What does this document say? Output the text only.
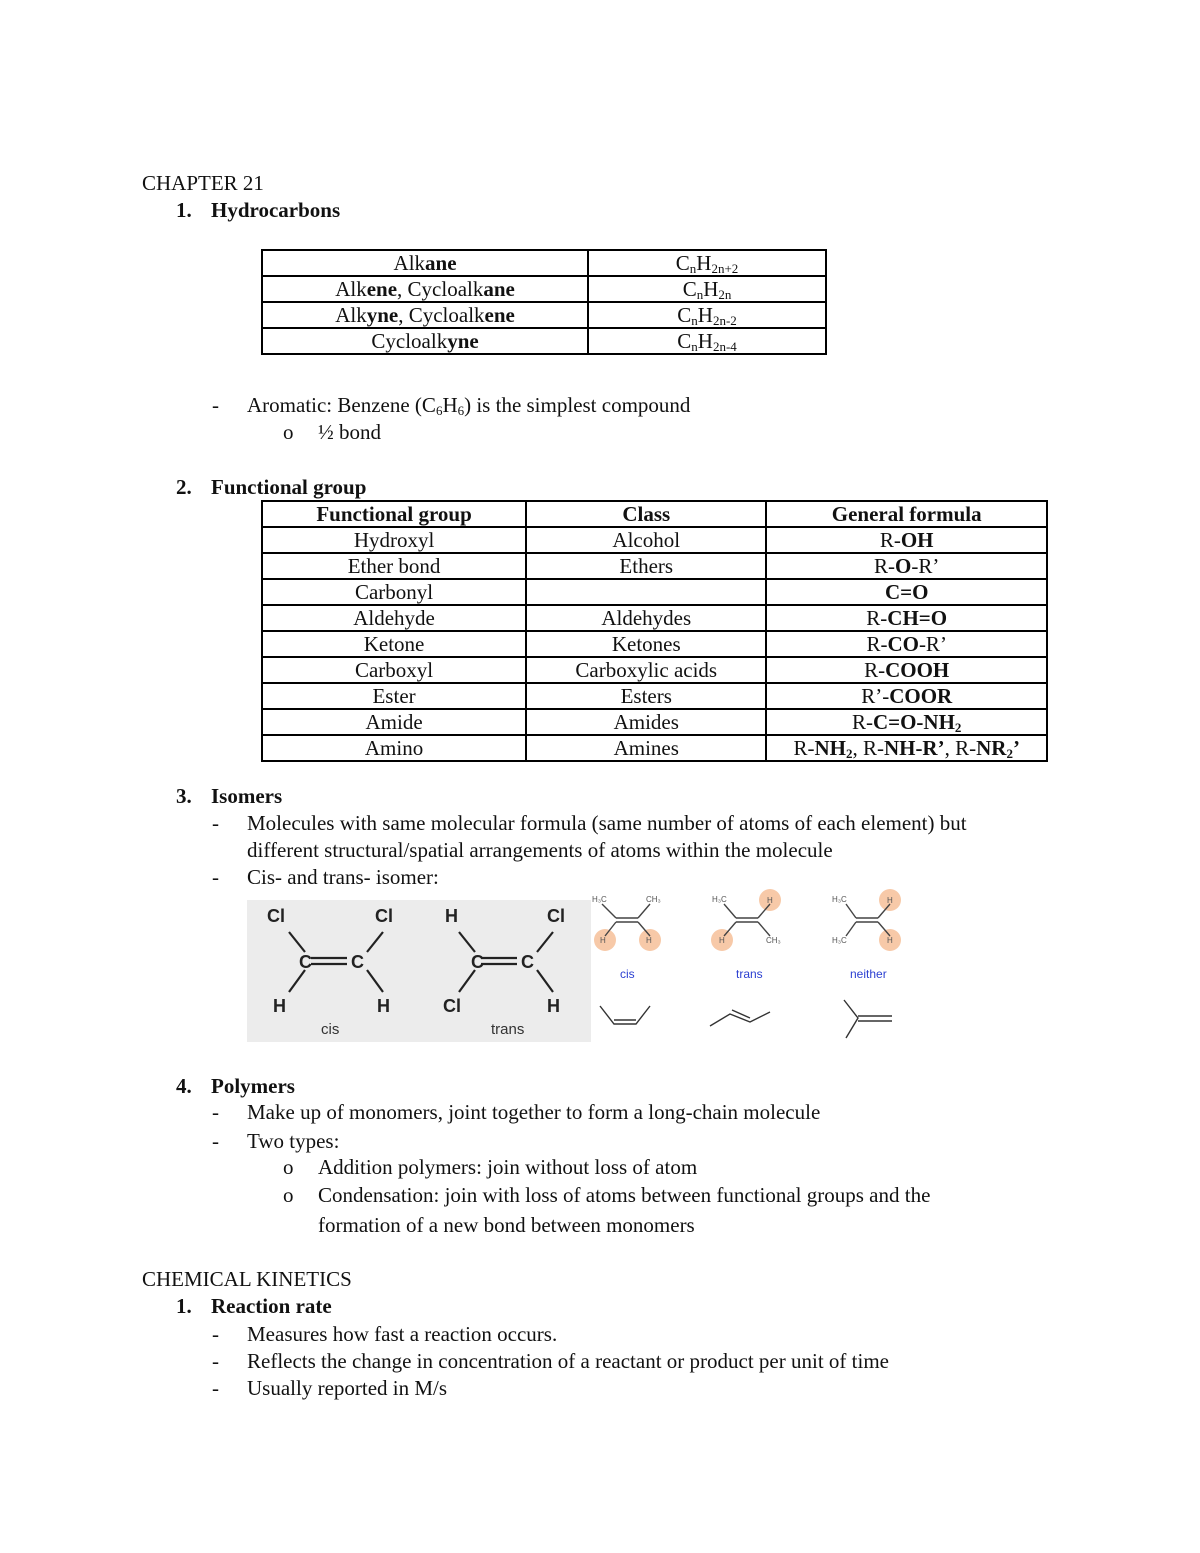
CHAPTER 21
1. Hydrocarbons
Alkane	$C_nH_{2n+2}$
Alkene, Cycloalkane	$C_nH_{2n}$
Alkyne, Cycloalkene	$C_nH_{2n-2}$
Cycloalkyne	$C_nH_{2n-4}$
- Aromatic: Benzene $(C_6H_6)$ is the simplest compound
o ½ bond
2. Functional group
Functional group	Class	General formula
Hydroxyl	Alcohol	R-OH
Ether bond	Ethers	R-O-R’
Carbonyl		C=O
Aldehyde	Aldehydes	R-CH=O
Ketone	Ketones	R-CO-R’
Carboxyl	Carboxylic acids	R-COOH
Ester	Esters	R’-COOR
Amide	Amides	$R-C=O-NH_2$
Amino	Amines	$R-NH_2$, R-NH-R’, $R-NR_2$’
3. Isomers
- Molecules with same molecular formula (same number of atoms of each element) but
different structural/spatial arrangements of atoms within the molecule
- Cis- and trans- isomer:
Cl	Cl
C C
H	H
H	Cl
C C
Cl	H
cis	trans
H₃C	CH₃
H	H
H₃C	H
H	CH₃
H₃C	H
H₃C	H
cis	trans	neither
4. Polymers
- Make up of monomers, joint together to form a long-chain molecule
- Two types:
o Addition polymers: join without loss of atom
o Condensation: join with loss of atoms between functional groups and the
formation of a new bond between monomers
CHEMICAL KINETICS
1. Reaction rate
- Measures how fast a reaction occurs.
- Reflects the change in concentration of a reactant or product per unit of time
- Usually reported in M/s
